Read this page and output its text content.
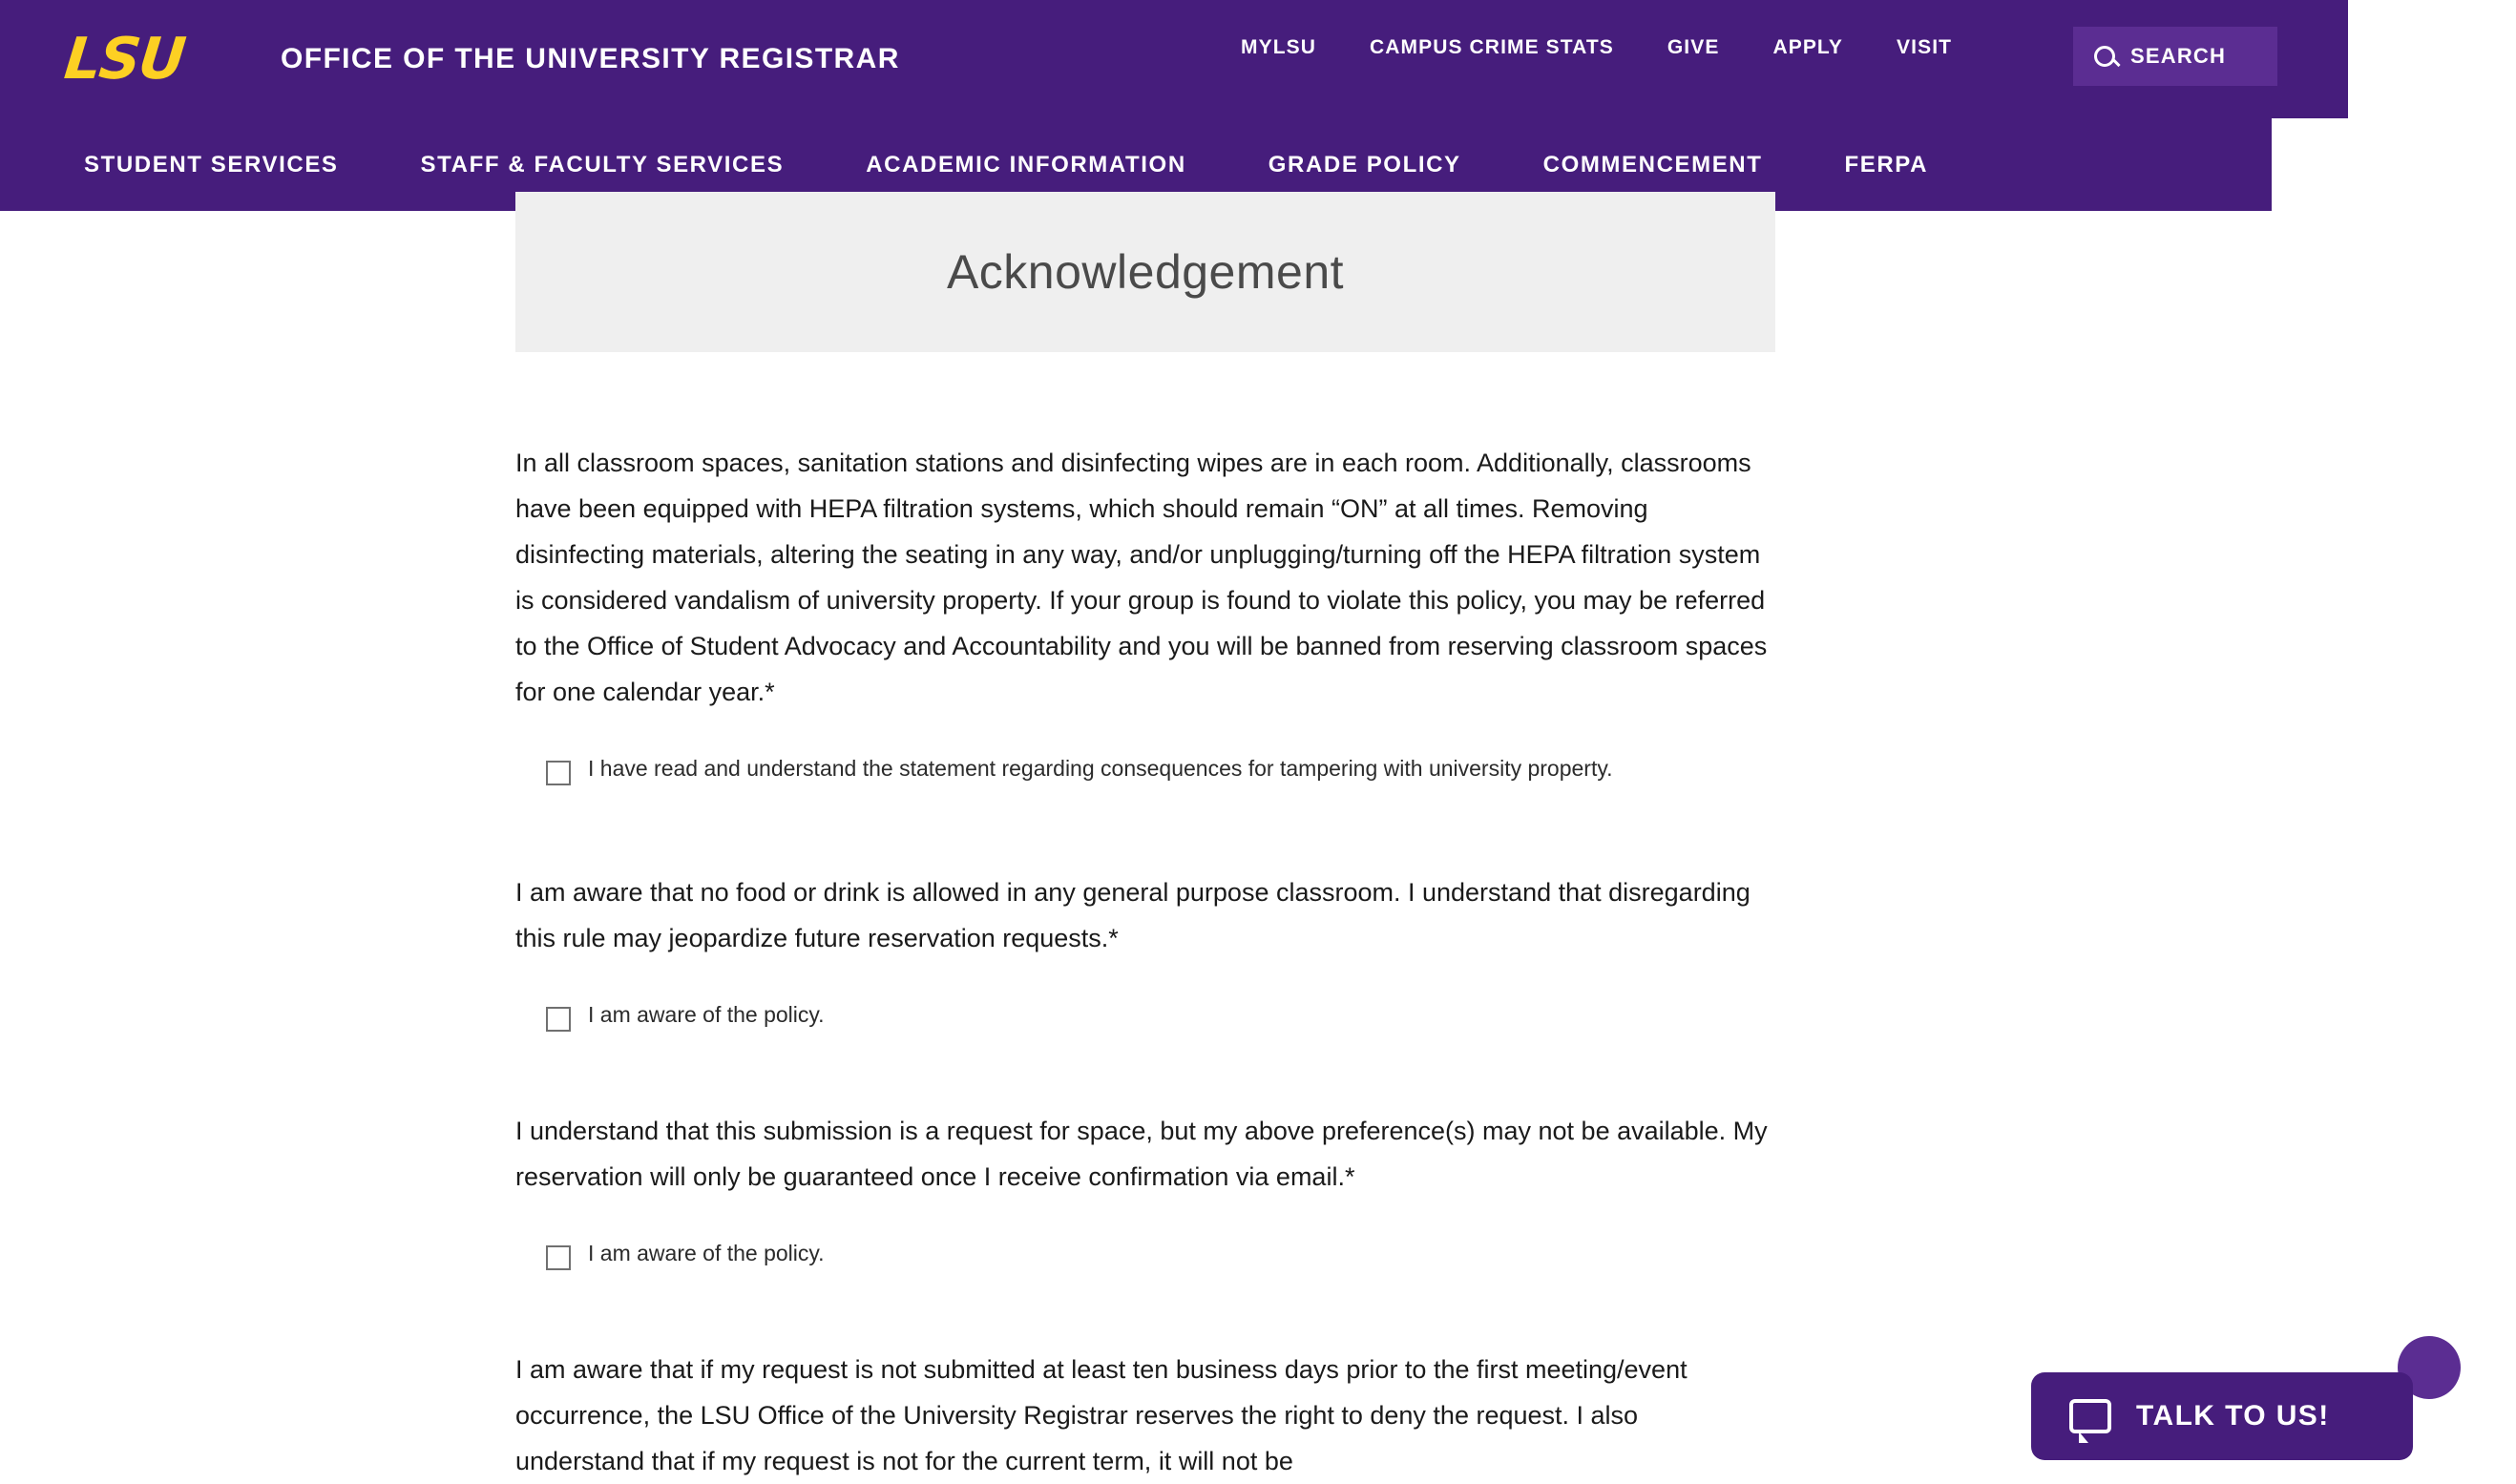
LSU	OFFICE OF THE UNIVERSITY REGISTRAR	MYLSU	CAMPUS CRIME STATS	GIVE	APPLY	VISIT	SEARCH
STUDENT SERVICES	STAFF & FACULTY SERVICES	ACADEMIC INFORMATION	GRADE POLICY	COMMENCEMENT	FERPA
Acknowledgement

In all classroom spaces, sanitation stations and disinfecting wipes are in each room. Additionally, classrooms have been equipped with HEPA filtration systems, which should remain “ON” at all times. Removing disinfecting materials, altering the seating in any way, and/or unplugging/turning off the HEPA filtration system is considered vandalism of university property. If your group is found to violate this policy, you may be referred to the Office of Student Advocacy and Accountability and you will be banned from reserving classroom spaces for one calendar year.*

I have read and understand the statement regarding consequences for tampering with university property.

I am aware that no food or drink is allowed in any general purpose classroom. I understand that disregarding this rule may jeopardize future reservation requests.*

I am aware of the policy.

I understand that this submission is a request for space, but my above preference(s) may not be available. My reservation will only be guaranteed once I receive confirmation via email.*

I am aware of the policy.

I am aware that if my request is not submitted at least ten business days prior to the first meeting/event occurrence, the LSU Office of the University Registrar reserves the right to deny the request. I also understand that if my request is not for the current term, it will not be

TALK TO US!
